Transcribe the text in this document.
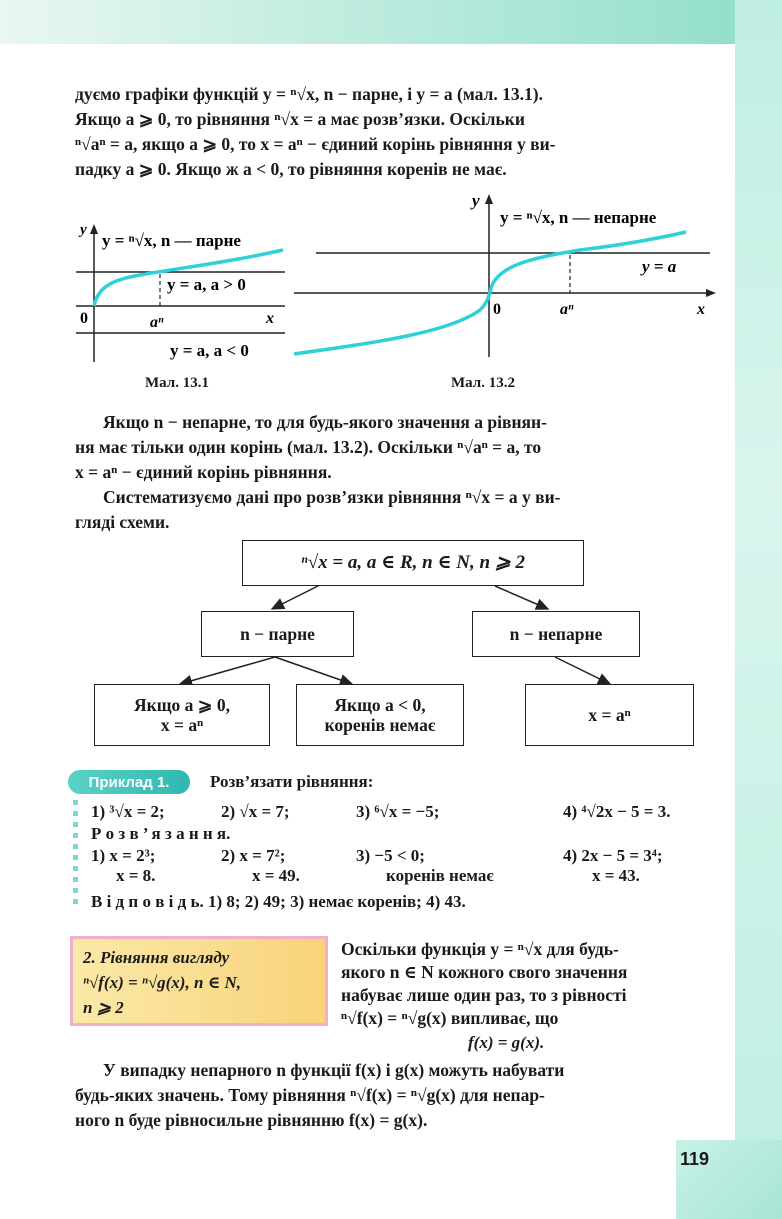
дуємо графіки функцій y = ⁿ√x, n − парне, і y = a (мал. 13.1).
Якщо a ⩾ 0, то рівняння ⁿ√x = a має розв’язки. Оскільки
ⁿ√aⁿ = a, якщо a ⩾ 0, то x = aⁿ − єдиний корінь рівняння у ви-
падку a ⩾ 0. Якщо ж a < 0, то рівняння коренів не має.
y
y = ⁿ√x, n — парне
y = a, a > 0
0	aⁿ	x
y = a, a < 0
Мал. 13.1
y
y = ⁿ√x, n — непарне
y = a
0	aⁿ	x
Мал. 13.2
Якщо n − непарне, то для будь-якого значення a рівнян-
ня має тільки один корінь (мал. 13.2). Оскільки ⁿ√aⁿ = a, то
x = aⁿ − єдиний корінь рівняння.
Систематизуємо дані про розв’язки рівняння ⁿ√x = a у ви-
гляді схеми.
ⁿ√x = a, a ∈ R, n ∈ N, n ⩾ 2
n − парне	n − непарне
Якщо a ⩾ 0,
x = aⁿ
Якщо a < 0,
коренів немає	x = aⁿ
Приклад 1.	Розв’язати рівняння:
1) ³√x = 2;	2) √x = 7;	3) ⁶√x = −5;	4) ⁴√2x − 5 = 3.
Р о з в ’ я з а н н я.
1) x = 2³;	2) x = 7²;	3) −5 < 0;	4) 2x − 5 = 3⁴;
x = 8.	x = 49.	коренів немає	x = 43.
В і д п о в і д ь. 1) 8; 2) 49; 3) немає коренів; 4) 43.
2. Рівняння вигляду
ⁿ√f(x) = ⁿ√g(x), n ∈ N,
n ⩾ 2
Оскільки функція y = ⁿ√x для будь-
якого n ∈ N кожного свого значення
набуває лише один раз, то з рівності
ⁿ√f(x) = ⁿ√g(x) випливає, що
f(x) = g(x).
У випадку непарного n функції f(x) і g(x) можуть набувати
будь-яких значень. Тому рівняння ⁿ√f(x) = ⁿ√g(x) для непар-
ного n буде рівносильне рівнянню f(x) = g(x).
119
